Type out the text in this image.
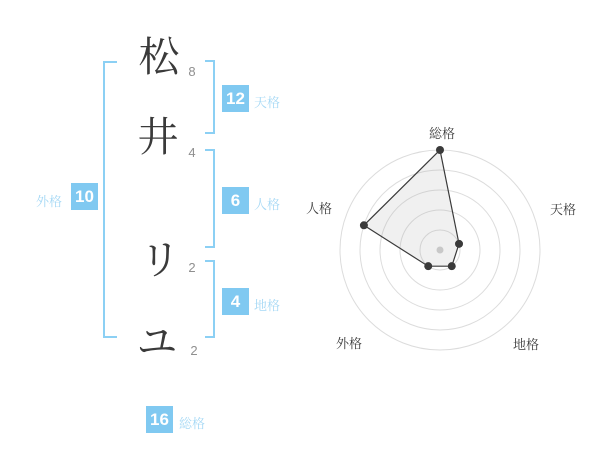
松
井
リ
ユ
8
4
2
2
12 天格
6	人格
4	地格
10
外格
16 総格
総格
天格
地格
外格
人格
